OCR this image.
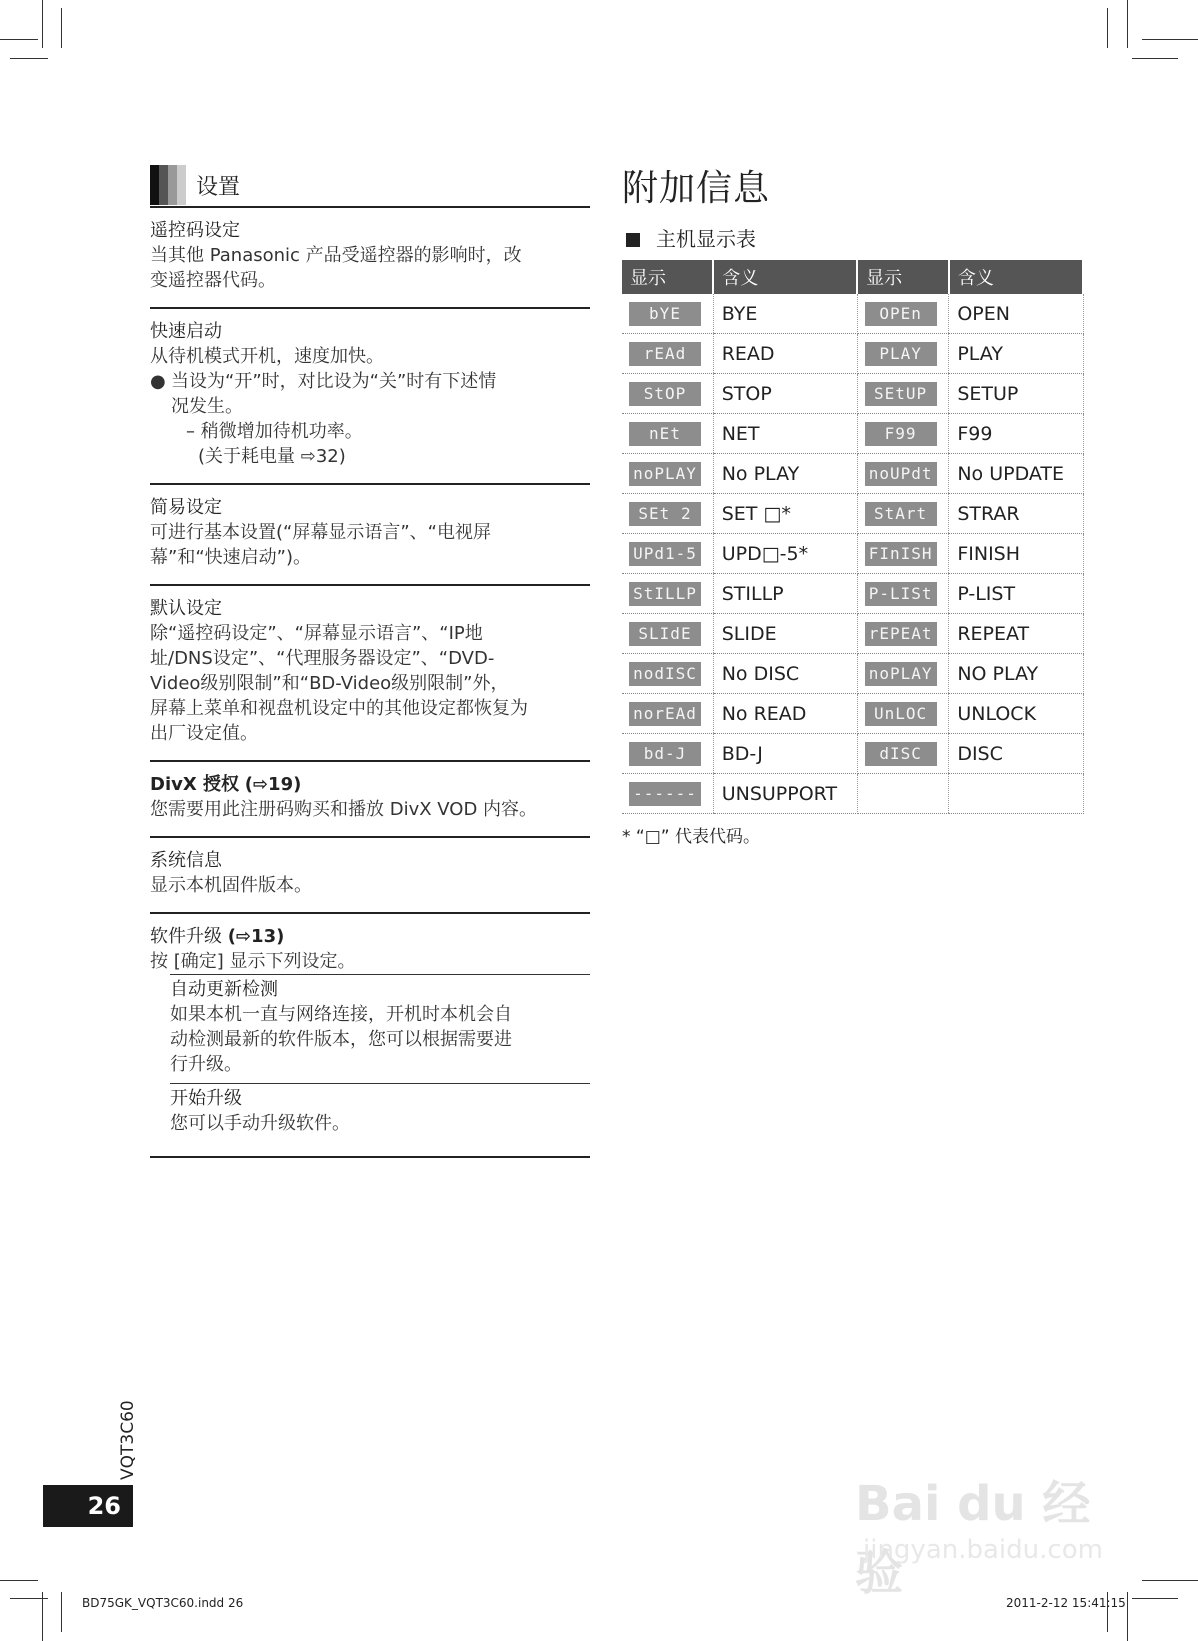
设置
遥控码设定
当其他 Panasonic 产品受遥控器的影响时，改
变遥控器代码。
快速启动
从待机模式开机，速度加快。
● 当设为“开”时，对比设为“关”时有下述情
况发生。
– 稍微增加待机功率。
(关于耗电量 ⇨32)
简易设定
可进行基本设置(“屏幕显示语言”、“电视屏
幕”和“快速启动”)。
默认设定
除“遥控码设定”、“屏幕显示语言”、“IP地
址/DNS设定”、“代理服务器设定”、“DVD-
Video级别限制”和“BD-Video级别限制”外，
屏幕上菜单和视盘机设定中的其他设定都恢复为
出厂设定值。
DivX 授权 (⇨19)
您需要用此注册码购买和播放 DivX VOD 内容。
系统信息
显示本机固件版本。
软件升级 (⇨13)
按 [确定] 显示下列设定。
自动更新检测
如果本机一直与网络连接，开机时本机会自
动检测最新的软件版本，您可以根据需要进
行升级。
开始升级
您可以手动升级软件。
附加信息
主机显示表
显示	含义	显示	含义
bYE	BYE	OPEn	OPEN
rEAd	READ	PLAY	PLAY
StOP	STOP	SEtUP	SETUP
nEt	NET	F99	F99
noPLAY	No PLAY	noUPdt	No UPDATE
SEt 2	SET □*	StArt	STRAR
UPd1-5	UPD□-5*	FInISH	FINISH
StILLP	STILLP	P-LISt	P-LIST
SLIdE	SLIDE	rEPEAt	REPEAT
nodISC	No DISC	noPLAY	NO PLAY
norEAd	No READ	UnLOC	UNLOCK
bd-J	BD-J	dISC	DISC
------	UNSUPPORT		
* “□” 代表代码。
VQT3C60
26
BD75GK_VQT3C60.indd 26	2011-2-12 15:41:15
Bai du 经验
jingyan.baidu.com
